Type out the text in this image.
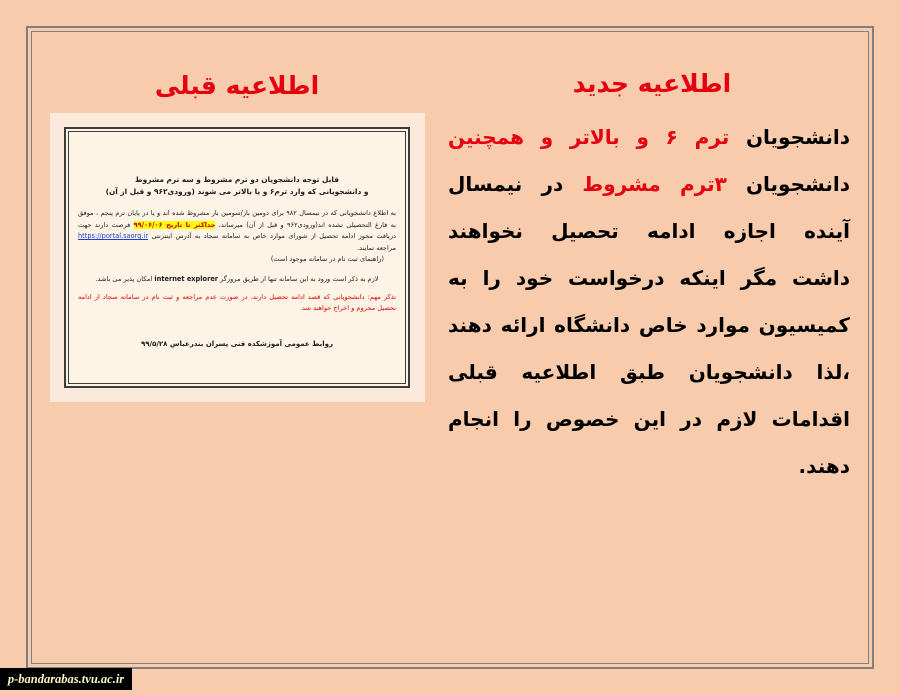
اطلاعیه جدید
اطلاعیه قبلی
دانشجویان ترم ۶ و بالاتر و همچنین
دانشجویان ۳ترم مشروط در نیمسال
آینده اجازه ادامه تحصیل نخواهند
داشت مگر اینکه درخواست خود را به
کمیسیون موارد خاص دانشگاه ارائه دهند
،لذا دانشجویان طبق اطلاعیه قبلی
اقدامات لازم در این خصوص را انجام
دهند.
قابل توجه دانشجویان دو ترم مشروط و سه ترم مشروط
و دانشجویانی که وارد ترم۶ و یا بالاتر می شوند (ورودی۹۶۲ و قبل از آن)
به اطلاع دانشجویانی که در نیمسال ۹۸۲ برای دومین بار/سومین بار مشروط شده اند و یا در پایان ترم پنجم ، موفق به فارغ التحصیلی نشده اند(ورودی۹۶۲ و قبل از آن) میرساند، حداکثر تا تاریخ ۹۹/۰۶/۰۶ فرصت دارند جهت دریافت مجوز ادامه تحصیل از شورای موارد خاص به سامانه سجاد به آدرس اینترنتی https://portal.saorg.ir مراجعه نمایند.
(راهنمای ثبت نام در سامانه موجود است)
لازم به ذکر است ورود به این سامانه تنها از طریق مرورگر internet explorer امکان پذیر می باشد.
تذکر مهم: دانشجویانی که قصد ادامه تحصیل دارند، در صورت عدم مراجعه و ثبت نام در سامانه سجاد از ادامه تحصیل محروم و اخراج خواهند شد.
روابط عمومی آموزشکده فنی پسران بندرعباس ۹۹/۵/۲۸
p-bandarabas.tvu.ac.ir
